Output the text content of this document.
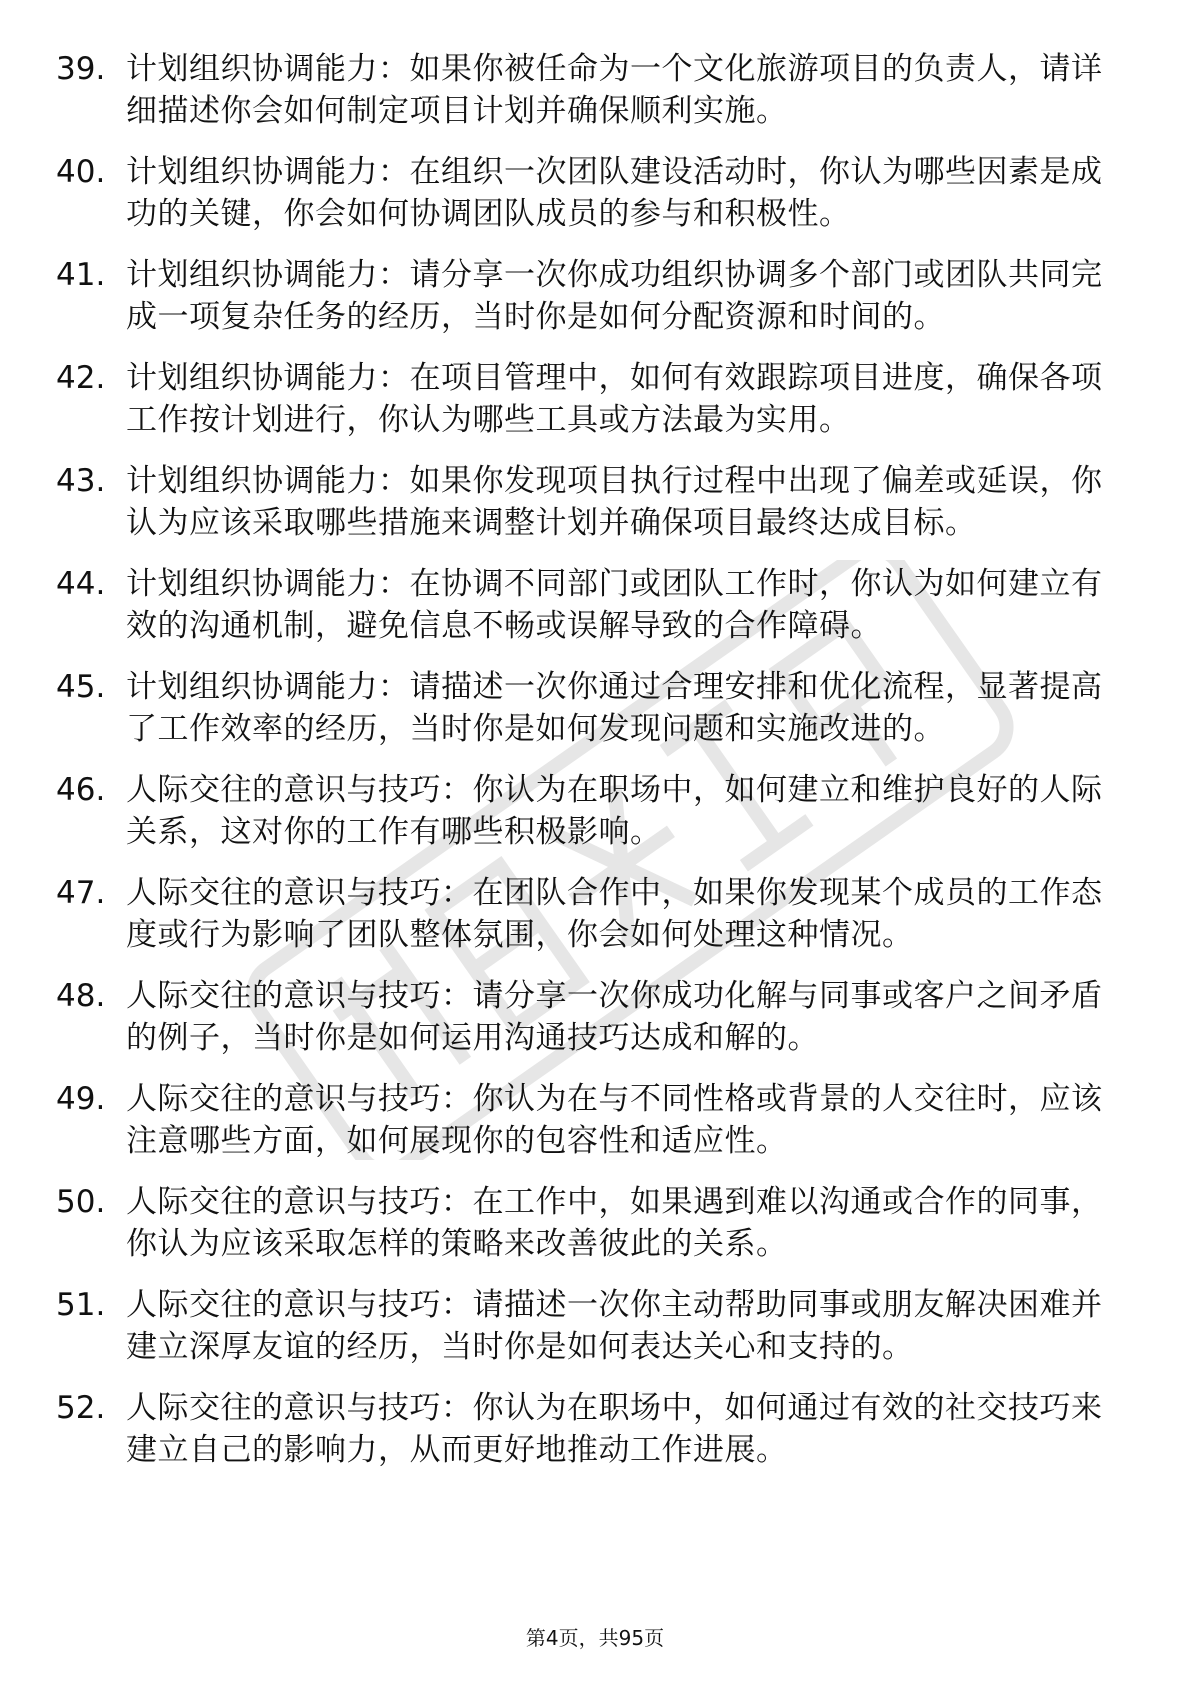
39. 计划组织协调能力：如果你被任命为一个文化旅游项目的负责人，请详细描述你会如何制定项目计划并确保顺利实施。
40. 计划组织协调能力：在组织一次团队建设活动时，你认为哪些因素是成功的关键，你会如何协调团队成员的参与和积极性。
41. 计划组织协调能力：请分享一次你成功组织协调多个部门或团队共同完成一项复杂任务的经历，当时你是如何分配资源和时间的。
42. 计划组织协调能力：在项目管理中，如何有效跟踪项目进度，确保各项工作按计划进行，你认为哪些工具或方法最为实用。
43. 计划组织协调能力：如果你发现项目执行过程中出现了偏差或延误，你认为应该采取哪些措施来调整计划并确保项目最终达成目标。
44. 计划组织协调能力：在协调不同部门或团队工作时，你认为如何建立有效的沟通机制，避免信息不畅或误解导致的合作障碍。
45. 计划组织协调能力：请描述一次你通过合理安排和优化流程，显著提高了工作效率的经历，当时你是如何发现问题和实施改进的。
46. 人际交往的意识与技巧：你认为在职场中，如何建立和维护良好的人际关系，这对你的工作有哪些积极影响。
47. 人际交往的意识与技巧：在团队合作中，如果你发现某个成员的工作态度或行为影响了团队整体氛围，你会如何处理这种情况。
48. 人际交往的意识与技巧：请分享一次你成功化解与同事或客户之间矛盾的例子，当时你是如何运用沟通技巧达成和解的。
49. 人际交往的意识与技巧：你认为在与不同性格或背景的人交往时，应该注意哪些方面，如何展现你的包容性和适应性。
50. 人际交往的意识与技巧：在工作中，如果遇到难以沟通或合作的同事，你认为应该采取怎样的策略来改善彼此的关系。
51. 人际交往的意识与技巧：请描述一次你主动帮助同事或朋友解决困难并建立深厚友谊的经历，当时你是如何表达关心和支持的。
52. 人际交往的意识与技巧：你认为在职场中，如何通过有效的社交技巧来建立自己的影响力，从而更好地推动工作进展。
第4页，共95页
